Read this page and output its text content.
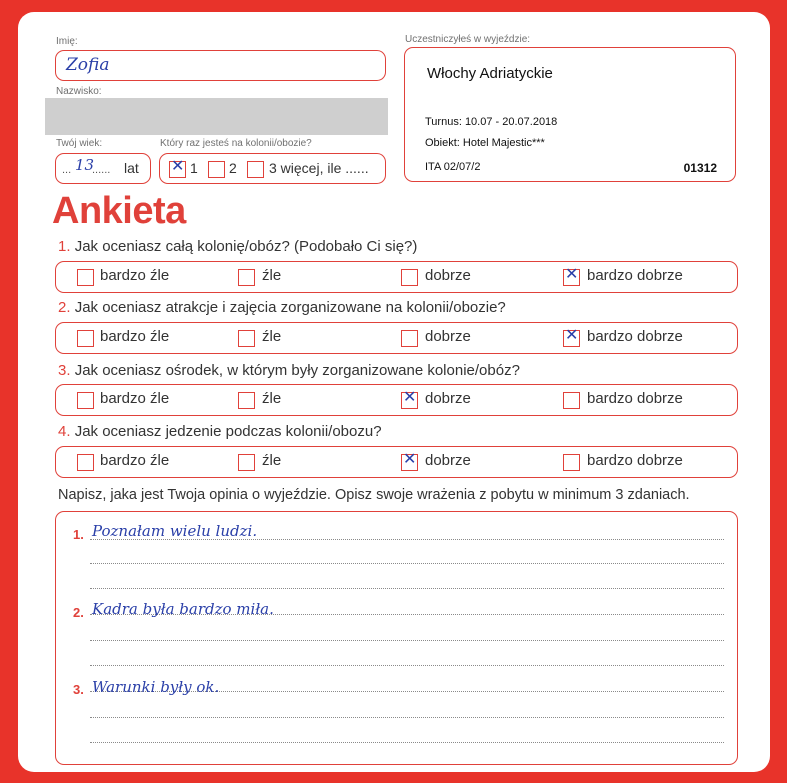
Imię:
Zofia
Nazwisko:
Twój wiek:
... 13
...... lat
Który raz jesteś na kolonii/obozie?
✕ 1 2 3 więcej, ile ......
Uczestniczyłeś w wyjeździe:
Włochy Adriatyckie
Turnus: 10.07 - 20.07.2018
Obiekt: Hotel Majestic***
ITA 02/07/2	01312
Ankieta
1. Jak oceniasz całą kolonię/obóz? (Podobało Ci się?)
bardzo źle	źle	dobrze	✕ bardzo dobrze
2. Jak oceniasz atrakcje i zajęcia zorganizowane na kolonii/obozie?
bardzo źle	źle	dobrze	✕ bardzo dobrze
3. Jak oceniasz ośrodek, w którym były zorganizowane kolonie/obóz?
bardzo źle	źle	✕ dobrze	bardzo dobrze
4. Jak oceniasz jedzenie podczas kolonii/obozu?
bardzo źle	źle	✕ dobrze	bardzo dobrze
Napisz, jaka jest Twoja opinia o wyjeździe. Opisz swoje wrażenia z pobytu w minimum 3 zdaniach.
1. Poznałam wielu ludzi.
2. Kadra była bardzo miła.
3. Warunki były ok.
